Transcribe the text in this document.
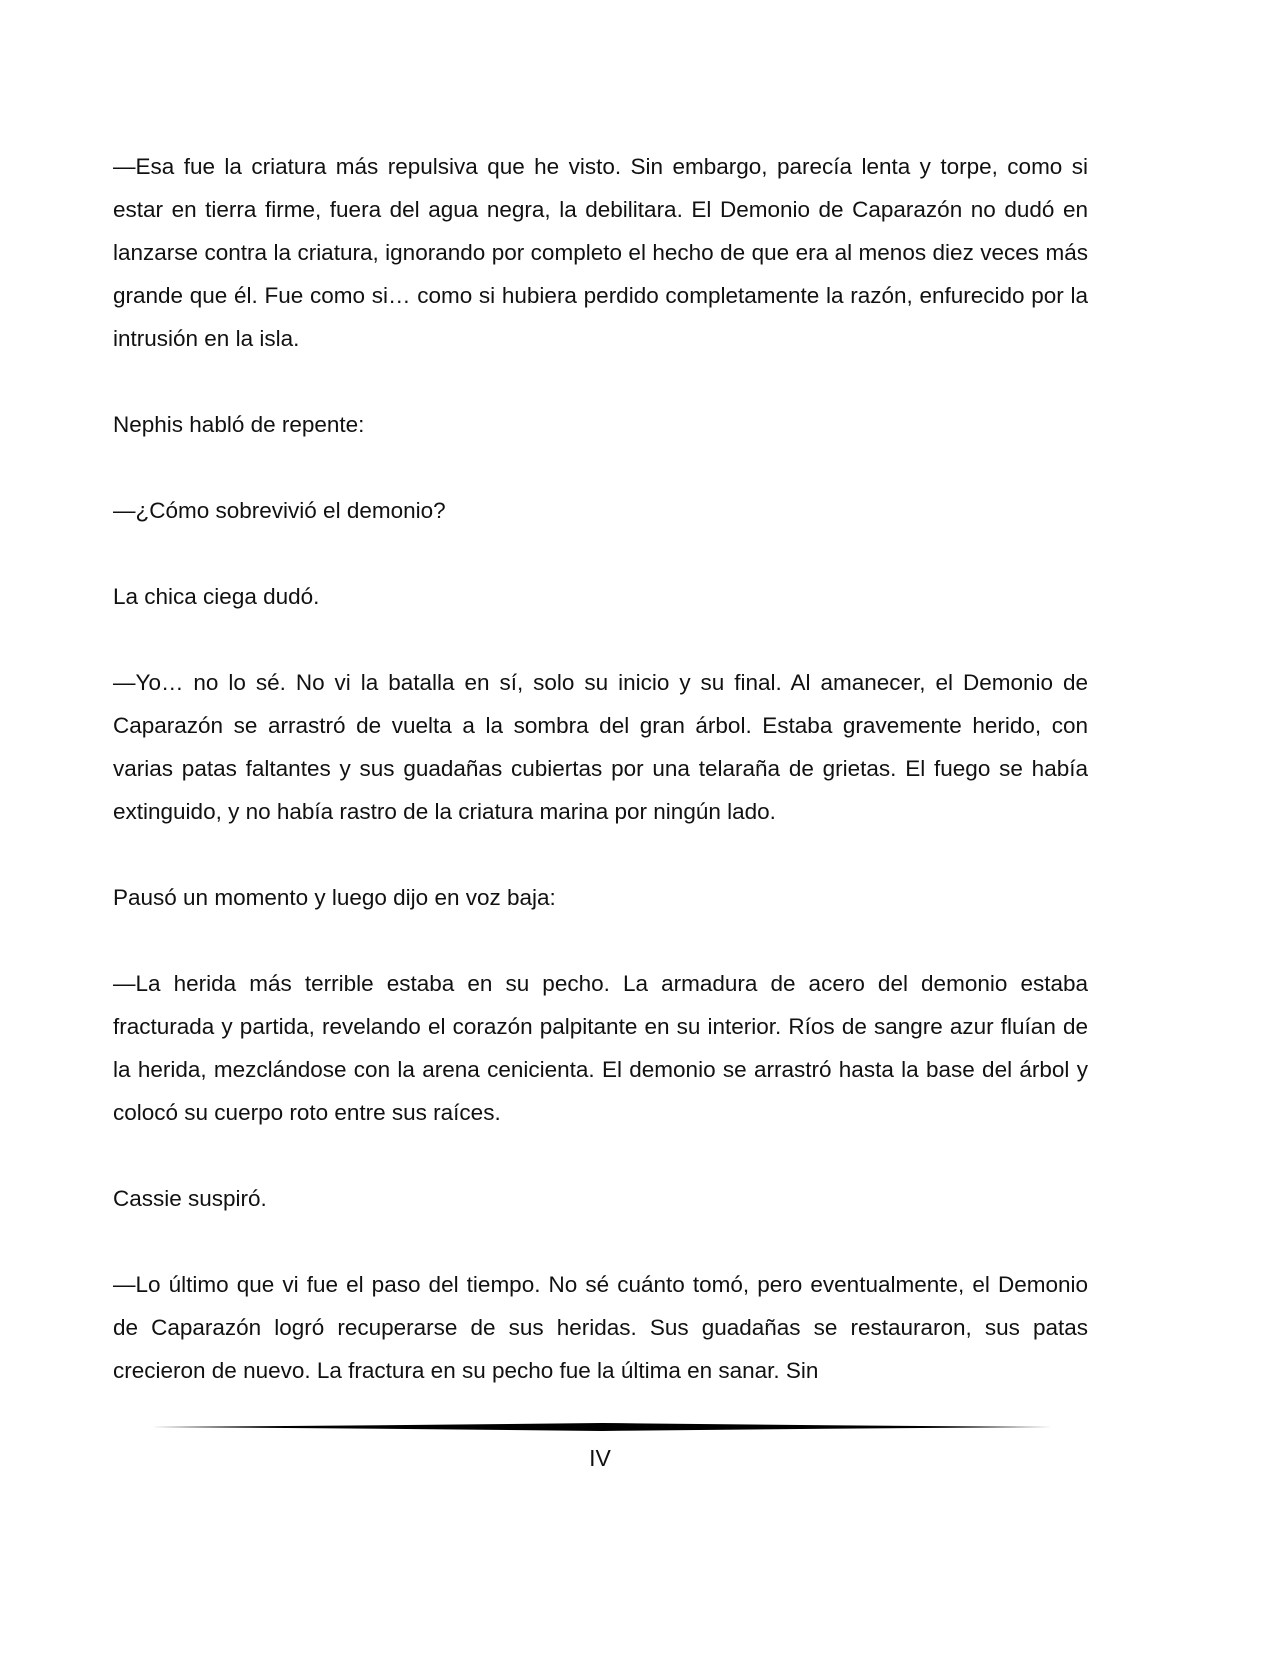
—Esa fue la criatura más repulsiva que he visto. Sin embargo, parecía lenta y torpe, como si estar en tierra firme, fuera del agua negra, la debilitara. El Demonio de Caparazón no dudó en lanzarse contra la criatura, ignorando por completo el hecho de que era al menos diez veces más grande que él. Fue como si… como si hubiera perdido completamente la razón, enfurecido por la intrusión en la isla.

Nephis habló de repente:

—¿Cómo sobrevivió el demonio?

La chica ciega dudó.

—Yo… no lo sé. No vi la batalla en sí, solo su inicio y su final. Al amanecer, el Demonio de Caparazón se arrastró de vuelta a la sombra del gran árbol. Estaba gravemente herido, con varias patas faltantes y sus guadañas cubiertas por una telaraña de grietas. El fuego se había extinguido, y no había rastro de la criatura marina por ningún lado.

Pausó un momento y luego dijo en voz baja:

—La herida más terrible estaba en su pecho. La armadura de acero del demonio estaba fracturada y partida, revelando el corazón palpitante en su interior. Ríos de sangre azur fluían de la herida, mezclándose con la arena cenicienta. El demonio se arrastró hasta la base del árbol y colocó su cuerpo roto entre sus raíces.

Cassie suspiró.

—Lo último que vi fue el paso del tiempo. No sé cuánto tomó, pero eventualmente, el Demonio de Caparazón logró recuperarse de sus heridas. Sus guadañas se restauraron, sus patas crecieron de nuevo. La fractura en su pecho fue la última en sanar. Sin

IV
